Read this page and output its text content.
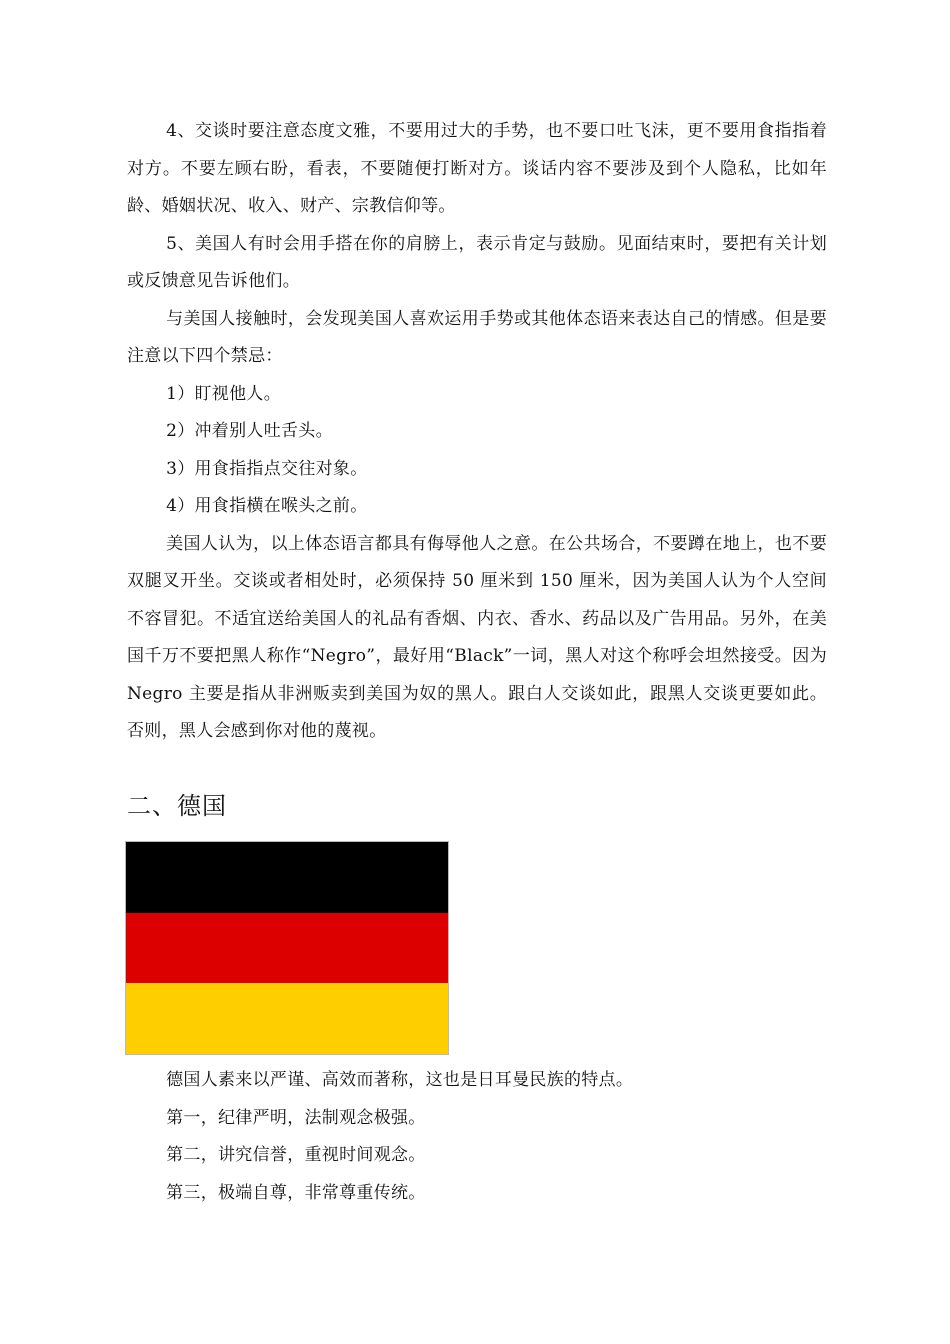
4、交谈时要注意态度文雅，不要用过大的手势，也不要口吐飞沫，更不要用食指指着对方。不要左顾右盼，看表，不要随便打断对方。谈话内容不要涉及到个人隐私，比如年龄、婚姻状况、收入、财产、宗教信仰等。

5、美国人有时会用手搭在你的肩膀上，表示肯定与鼓励。见面结束时，要把有关计划或反馈意见告诉他们。

与美国人接触时，会发现美国人喜欢运用手势或其他体态语来表达自己的情感。但是要注意以下四个禁忌：

1）盯视他人。

2）冲着别人吐舌头。

3）用食指指点交往对象。

4）用食指横在喉头之前。

美国人认为，以上体态语言都具有侮辱他人之意。在公共场合，不要蹲在地上，也不要双腿叉开坐。交谈或者相处时，必须保持 50 厘米到 150 厘米，因为美国人认为个人空间不容冒犯。不适宜送给美国人的礼品有香烟、内衣、香水、药品以及广告用品。另外，在美国千万不要把黑人称作“Negro”，最好用“Black”一词，黑人对这个称呼会坦然接受。因为 Negro 主要是指从非洲贩卖到美国为奴的黑人。跟白人交谈如此，跟黑人交谈更要如此。否则，黑人会感到你对他的蔑视。

二、德国

德国人素来以严谨、高效而著称，这也是日耳曼民族的特点。

第一，纪律严明，法制观念极强。

第二，讲究信誉，重视时间观念。

第三，极端自尊，非常尊重传统。
